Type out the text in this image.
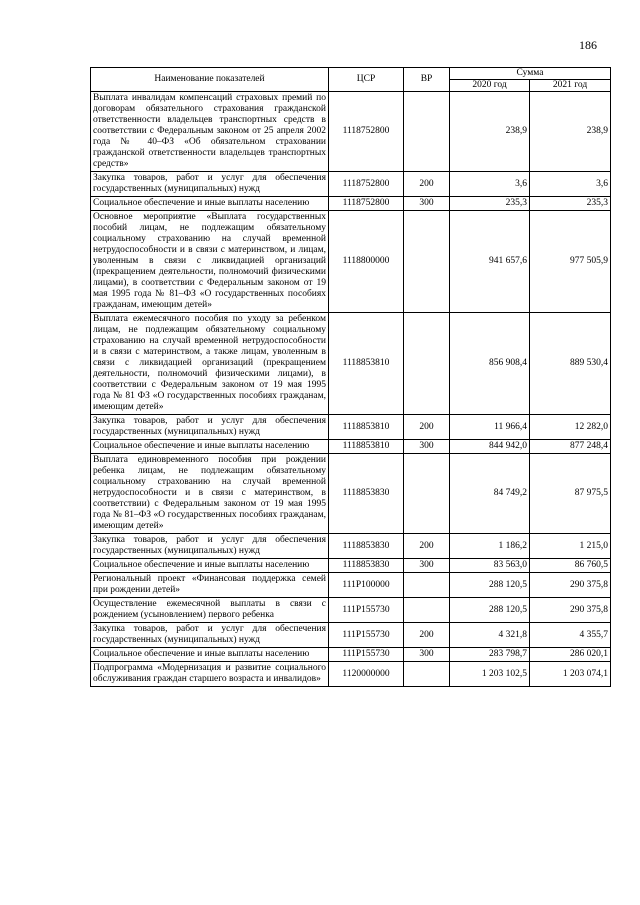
186
Наименование показателей	ЦСР	ВР	Сумма	
			2020 год	2021 год
Выплата инвалидам компенсаций страховых премий по договорам обязательного страхования гражданской ответственности владельцев транспортных средств в соответствии с Федеральным законом от 25 апреля 2002 года № 40–ФЗ «Об обязательном страховании гражданской ответственности владельцев транспортных средств»	1118752800		238,9	238,9
Закупка товаров, работ и услуг для обеспечения государственных (муниципальных) нужд	1118752800	200	3,6	3,6
Социальное обеспечение и иные выплаты населению	1118752800	300	235,3	235,3
Основное мероприятие «Выплата государственных пособий лицам, не подлежащим обязательному социальному страхованию на случай временной нетрудоспособности и в связи с материнством, и лицам, уволенным в связи с ликвидацией организаций (прекращением деятельности, полномочий физическими лицами), в соответствии с Федеральным законом от 19 мая 1995 года № 81–ФЗ «О государственных пособиях гражданам, имеющим детей»	1118800000		941 657,6	977 505,9
Выплата ежемесячного пособия по уходу за ребенком лицам, не подлежащим обязательному социальному страхованию на случай временной нетрудоспособности и в связи с материнством, а также лицам, уволенным в связи с ликвидацией организаций (прекращением деятельности, полномочий физическими лицами), в соответствии с Федеральным законом от 19 мая 1995 года № 81 ФЗ «О государственных пособиях гражданам, имеющим детей»	1118853810		856 908,4	889 530,4
Закупка товаров, работ и услуг для обеспечения государственных (муниципальных) нужд	1118853810	200	11 966,4	12 282,0
Социальное обеспечение и иные выплаты населению	1118853810	300	844 942,0	877 248,4
Выплата единовременного пособия при рождении ребенка лицам, не подлежащим обязательному социальному страхованию на случай временной нетрудоспособности и в связи с материнством, в соответствии) с Федеральным законом от 19 мая 1995 года № 81–ФЗ «О государственных пособиях гражданам, имеющим детей»	1118853830		84 749,2	87 975,5
Закупка товаров, работ и услуг для обеспечения государственных (муниципальных) нужд	1118853830	200	1 186,2	1 215,0
Социальное обеспечение и иные выплаты населению	1118853830	300	83 563,0	86 760,5
Региональный проект «Финансовая поддержка семей при рождении детей»	111P100000		288 120,5	290 375,8
Осуществление ежемесячной выплаты в связи с рождением (усыновлением) первого ребенка	111P155730		288 120,5	290 375,8
Закупка товаров, работ и услуг для обеспечения государственных (муниципальных) нужд	111P155730	200	4 321,8	4 355,7
Социальное обеспечение и иные выплаты населению	111P155730	300	283 798,7	286 020,1
Подпрограмма «Модернизация и развитие социального обслуживания граждан старшего возраста и инвалидов»	1120000000		1 203 102,5	1 203 074,1
